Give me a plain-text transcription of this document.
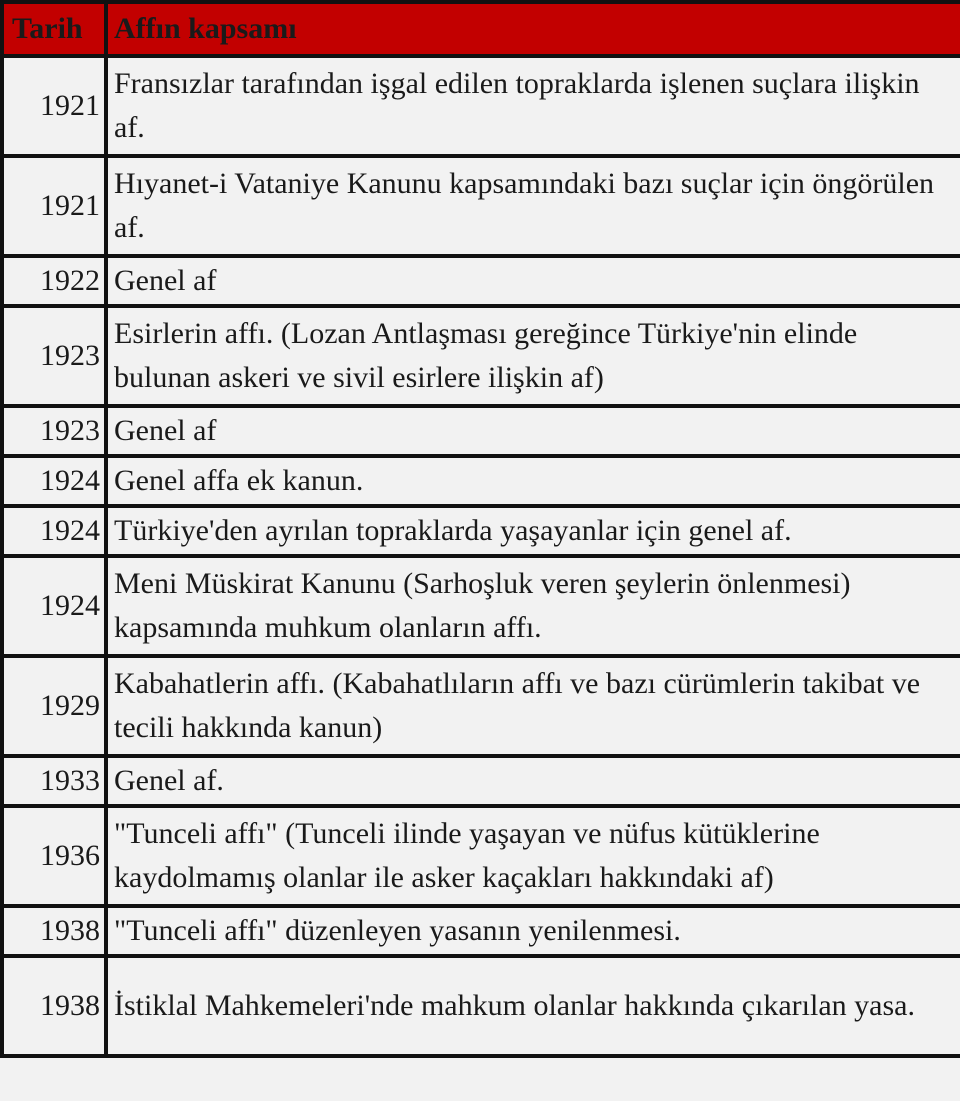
Tarih	Affın kapsamı
1921	Fransızlar tarafından işgal edilen topraklarda işlenen suçlara ilişkin af.
1921	Hıyanet-i Vataniye Kanunu kapsamındaki bazı suçlar için öngörülen af.
1922	Genel af
1923	Esirlerin affı. (Lozan Antlaşması gereğince Türkiye'nin elinde bulunan askeri ve sivil esirlere ilişkin af)
1923	Genel af
1924	Genel affa ek kanun.
1924	Türkiye'den ayrılan topraklarda yaşayanlar için genel af.
1924	Meni Müskirat Kanunu (Sarhoşluk veren şeylerin önlenmesi) kapsamında muhkum olanların affı.
1929	Kabahatlerin affı. (Kabahatlıların affı ve bazı cürümlerin takibat ve tecili hakkında kanun)
1933	Genel af.
1936	"Tunceli affı" (Tunceli ilinde yaşayan ve nüfus kütüklerine kaydolmamış olanlar ile asker kaçakları hakkındaki af)
1938	"Tunceli affı" düzenleyen yasanın yenilenmesi.
1938	İstiklal Mahkemeleri'nde mahkum olanlar hakkında çıkarılan yasa.
